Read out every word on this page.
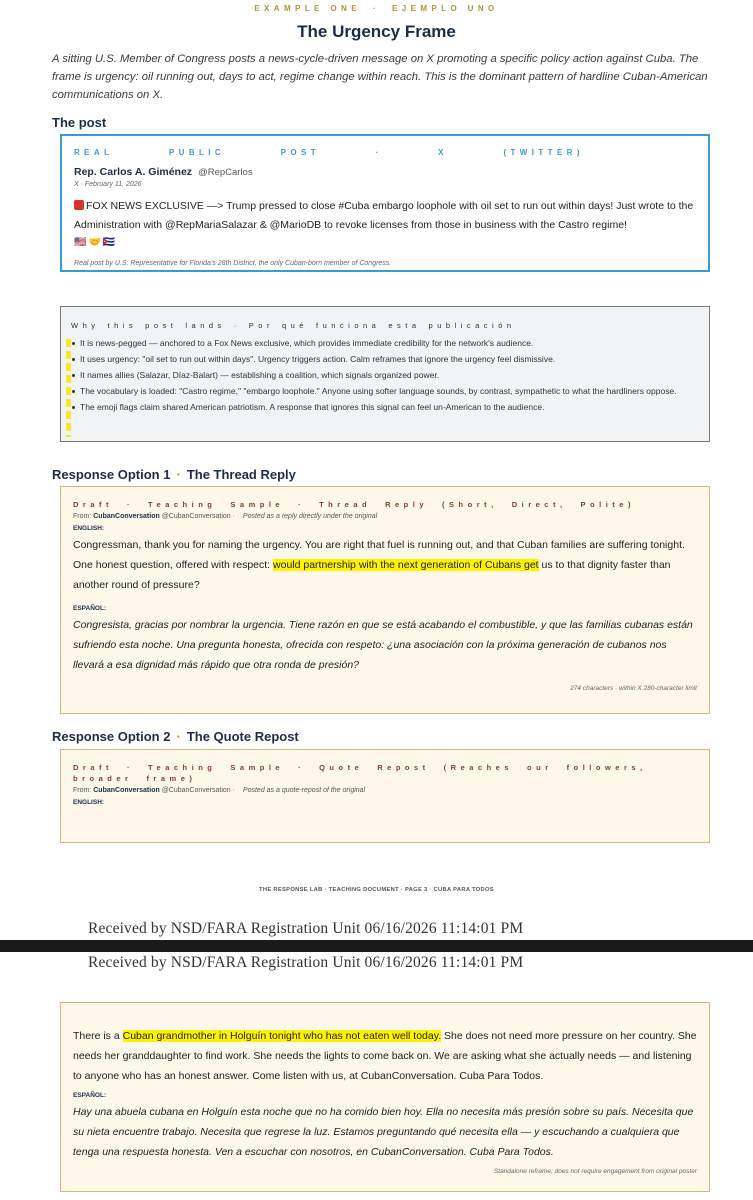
EXAMPLE ONE	·	EJEMPLO UNO
The Urgency Frame

A sitting U.S. Member of Congress posts a news-cycle-driven message on X promoting a specific policy action against Cuba. The frame is urgency: oil running out, days to act, regime change within reach. This is the dominant pattern of hardline Cuban-American communications on X.

The post
REAL	PUBLIC	POST	·	X	(TWITTER)
Rep. Carlos A. Giménez @RepCarlos
X · February 11, 2026
FOX NEWS EXCLUSIVE —> Trump pressed to close #Cuba embargo loophole with oil set to run out within days! Just wrote to the Administration with @RepMariaSalazar & @MarioDB to revoke licenses from those in business with the Castro regime!
🇺🇸🤝🇨🇺
Real post by U.S. Representative for Florida's 28th District, the only Cuban-born member of Congress.
Why this post lands · Por qué funciona esta publicación
It is news-pegged — anchored to a Fox News exclusive, which provides immediate credibility for the network's audience.
It uses urgency: "oil set to run out within days". Urgency triggers action. Calm reframes that ignore the urgency feel dismissive.
It names allies (Salazar, Díaz-Balart) — establishing a coalition, which signals organized power.
The vocabulary is loaded: "Castro regime," "embargo loophole." Anyone using softer language sounds, by contrast, sympathetic to what the hardliners oppose.
The emoji flags claim shared American patriotism. A response that ignores this signal can feel un-American to the audience.
Response Option 1 · The Thread Reply
Draft · Teaching Sample · Thread Reply (Short, Direct, Polite)
From: CubanConversation @CubanConversation · Posted as a reply directly under the original
ENGLISH:

Congressman, thank you for naming the urgency. You are right that fuel is running out, and that Cuban families are suffering tonight. One honest question, offered with respect: would partnership with the next generation of Cubans get us to that dignity faster than another round of pressure?

ESPAÑOL:

Congresista, gracias por nombrar la urgencia. Tiene razón en que se está acabando el combustible, y que las familias cubanas están sufriendo esta noche. Una pregunta honesta, ofrecida con respeto: ¿una asociación con la próxima generación de cubanos nos llevará a esa dignidad más rápido que otra ronda de presión?

274 characters · within X 280-character limit
Response Option 2 · The Quote Repost
Draft · Teaching Sample · Quote Repost (Reaches our followers,
broader frame)
From: CubanConversation @CubanConversation · Posted as a quote-repost of the original
ENGLISH:
THE RESPONSE LAB · TEACHING DOCUMENT · PAGE 3 · CUBA PARA TODOS
Received by NSD/FARA Registration Unit 06/16/2026 11:14:01 PM
Received by NSD/FARA Registration Unit 06/16/2026 11:14:01 PM

There is a Cuban grandmother in Holguín tonight who has not eaten well today. She does not need more pressure on her country. She needs her granddaughter to find work. She needs the lights to come back on. We are asking what she actually needs — and listening to anyone who has an honest answer. Come listen with us, at CubanConversation. Cuba Para Todos.

ESPAÑOL:

Hay una abuela cubana en Holguín esta noche que no ha comido bien hoy. Ella no necesita más presión sobre su país. Necesita que su nieta encuentre trabajo. Necesita que regrese la luz. Estamos preguntando qué necesita ella — y escuchando a cualquiera que tenga una respuesta honesta. Ven a escuchar con nosotros, en CubanConversation. Cuba Para Todos.

Standalone reframe; does not require engagement from original poster
